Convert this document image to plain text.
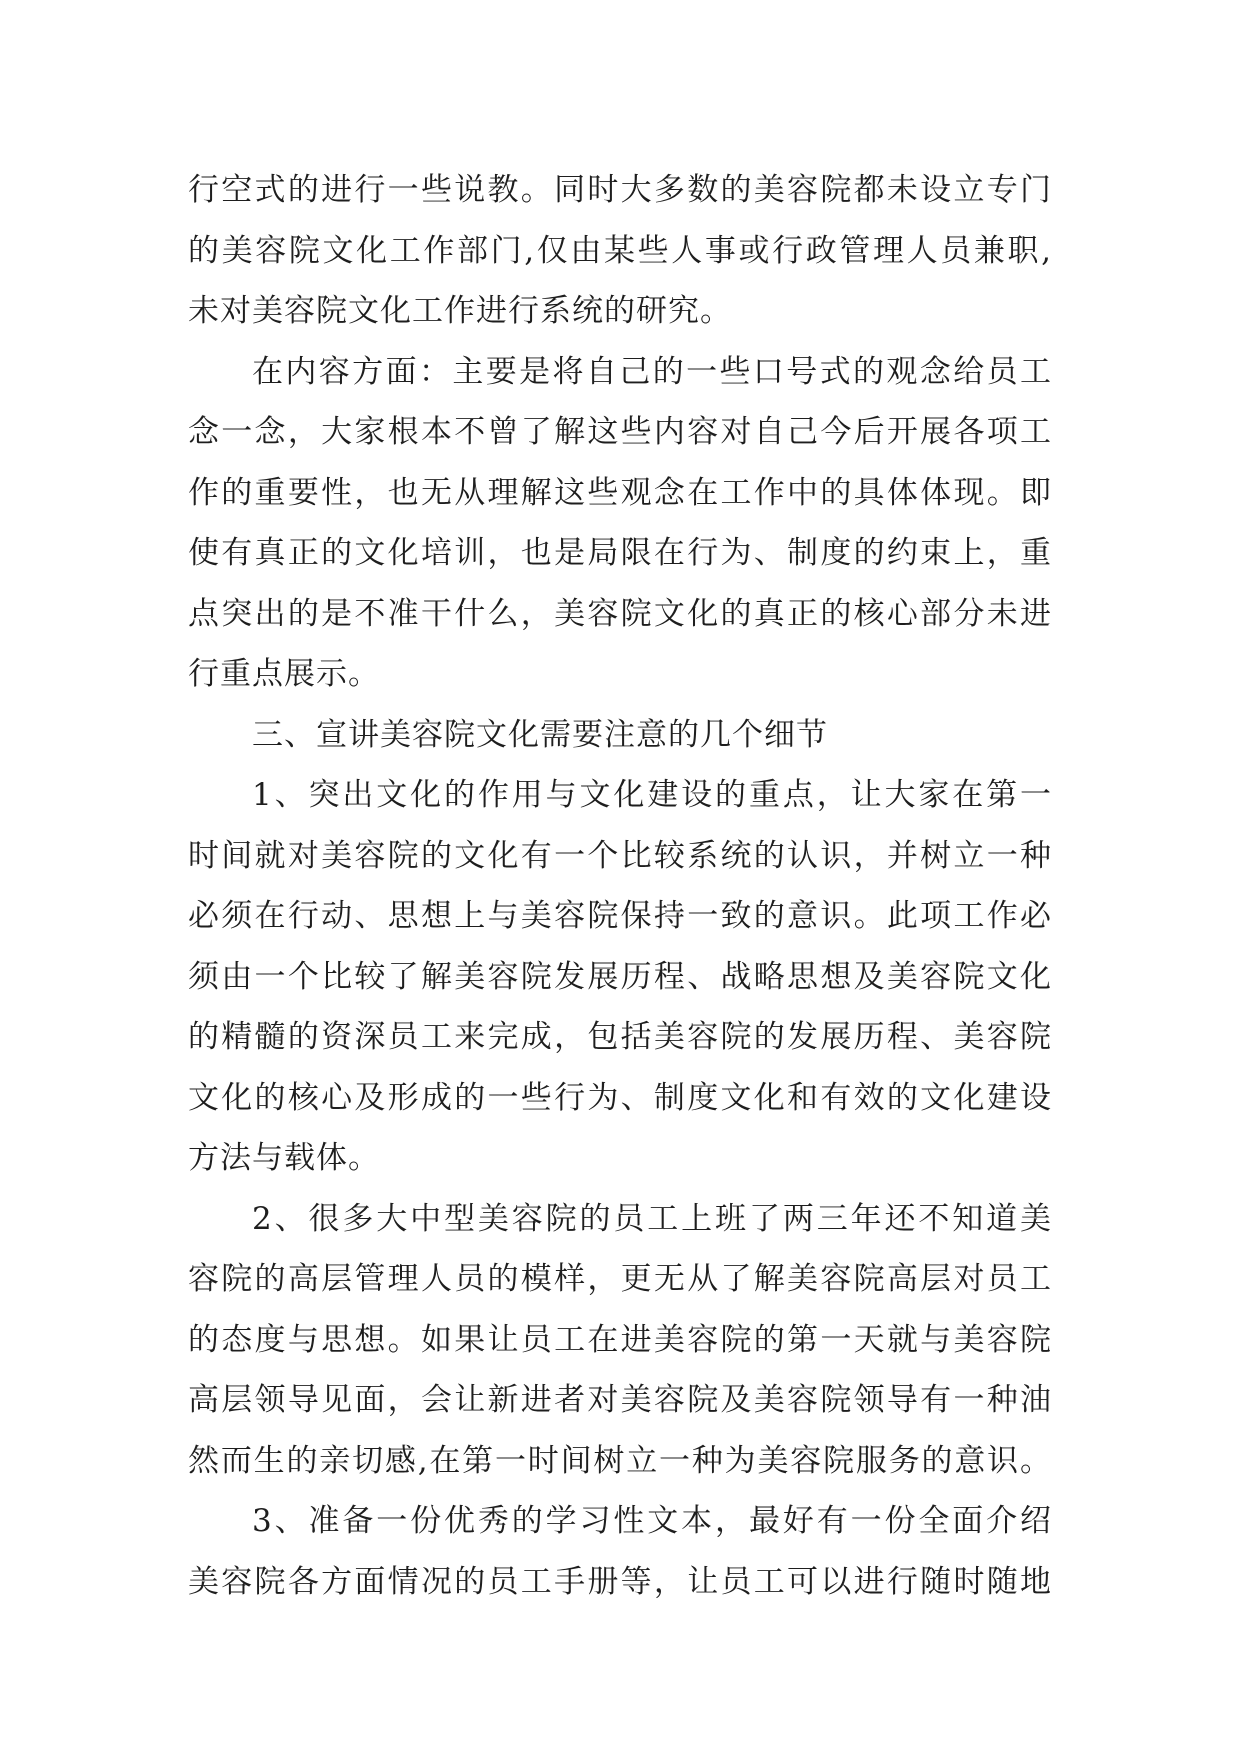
行空式的进行一些说教。同时大多数的美容院都未设立专门
的美容院文化工作部门,仅由某些人事或行政管理人员兼职,
未对美容院文化工作进行系统的研究。
在内容方面：主要是将自己的一些口号式的观念给员工
念一念，大家根本不曾了解这些内容对自己今后开展各项工
作的重要性，也无从理解这些观念在工作中的具体体现。即
使有真正的文化培训，也是局限在行为、制度的约束上，重
点突出的是不准干什么，美容院文化的真正的核心部分未进
行重点展示。
三、宣讲美容院文化需要注意的几个细节
1、突出文化的作用与文化建设的重点，让大家在第一
时间就对美容院的文化有一个比较系统的认识，并树立一种
必须在行动、思想上与美容院保持一致的意识。此项工作必
须由一个比较了解美容院发展历程、战略思想及美容院文化
的精髓的资深员工来完成，包括美容院的发展历程、美容院
文化的核心及形成的一些行为、制度文化和有效的文化建设
方法与载体。
2、很多大中型美容院的员工上班了两三年还不知道美
容院的高层管理人员的模样，更无从了解美容院高层对员工
的态度与思想。如果让员工在进美容院的第一天就与美容院
高层领导见面，会让新进者对美容院及美容院领导有一种油
然而生的亲切感,在第一时间树立一种为美容院服务的意识。
3、准备一份优秀的学习性文本，最好有一份全面介绍
美容院各方面情况的员工手册等，让员工可以进行随时随地
